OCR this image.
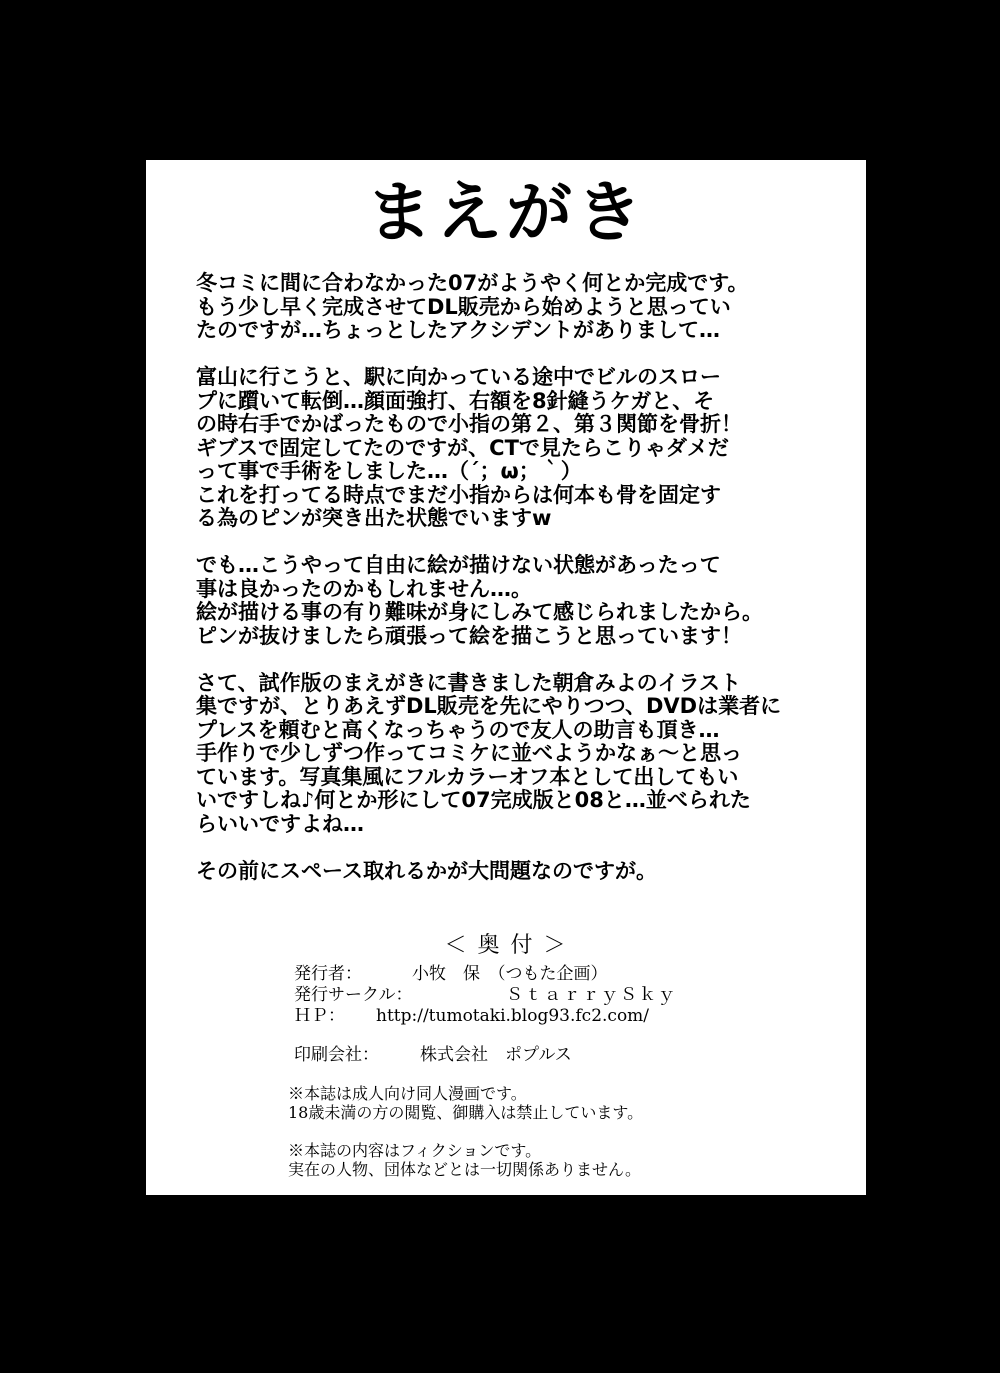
まえがき
冬コミに間に合わなかった07がようやく何とか完成です。
もう少し早く完成させてDL販売から始めようと思ってい
たのですが…ちょっとしたアクシデントがありまして…
富山に行こうと、駅に向かっている途中でビルのスロー
プに躓いて転倒…顔面強打、右額を8針縫うケガと、そ
の時右手でかばったもので小指の第２、第３関節を骨折！
ギブスで固定してたのですが、CTで見たらこりゃダメだ
って事で手術をしました…（´；ω；｀）
これを打ってる時点でまだ小指からは何本も骨を固定す
る為のピンが突き出た状態でいますw
でも…こうやって自由に絵が描けない状態があったって
事は良かったのかもしれません…。
絵が描ける事の有り難味が身にしみて感じられましたから。
ピンが抜けましたら頑張って絵を描こうと思っています！
さて、試作版のまえがきに書きました朝倉みよのイラスト
集ですが、とりあえずDL販売を先にやりつつ、DVDは業者に
プレスを頼むと高くなっちゃうので友人の助言も頂き…
手作りで少しずつ作ってコミケに並べようかなぁ～と思っ
ています。写真集風にフルカラーオフ本として出してもい
いですしね♪何とか形にして07完成版と08と…並べられた
らいいですよね…
その前にスペース取れるかが大問題なのですが。
＜ 奥 付 ＞
発行者：	小牧　保　（つもた企画）
発行サークル：	ＳｔａｒｒｙＳｋｙ
ＨＰ：	http://tumotaki.blog93.fc2.com/
印刷会社：	株式会社　ポプルス
※本誌は成人向け同人漫画です。
18歳未満の方の閲覧、御購入は禁止しています。
※本誌の内容はフィクションです。
実在の人物、団体などとは一切関係ありません。
